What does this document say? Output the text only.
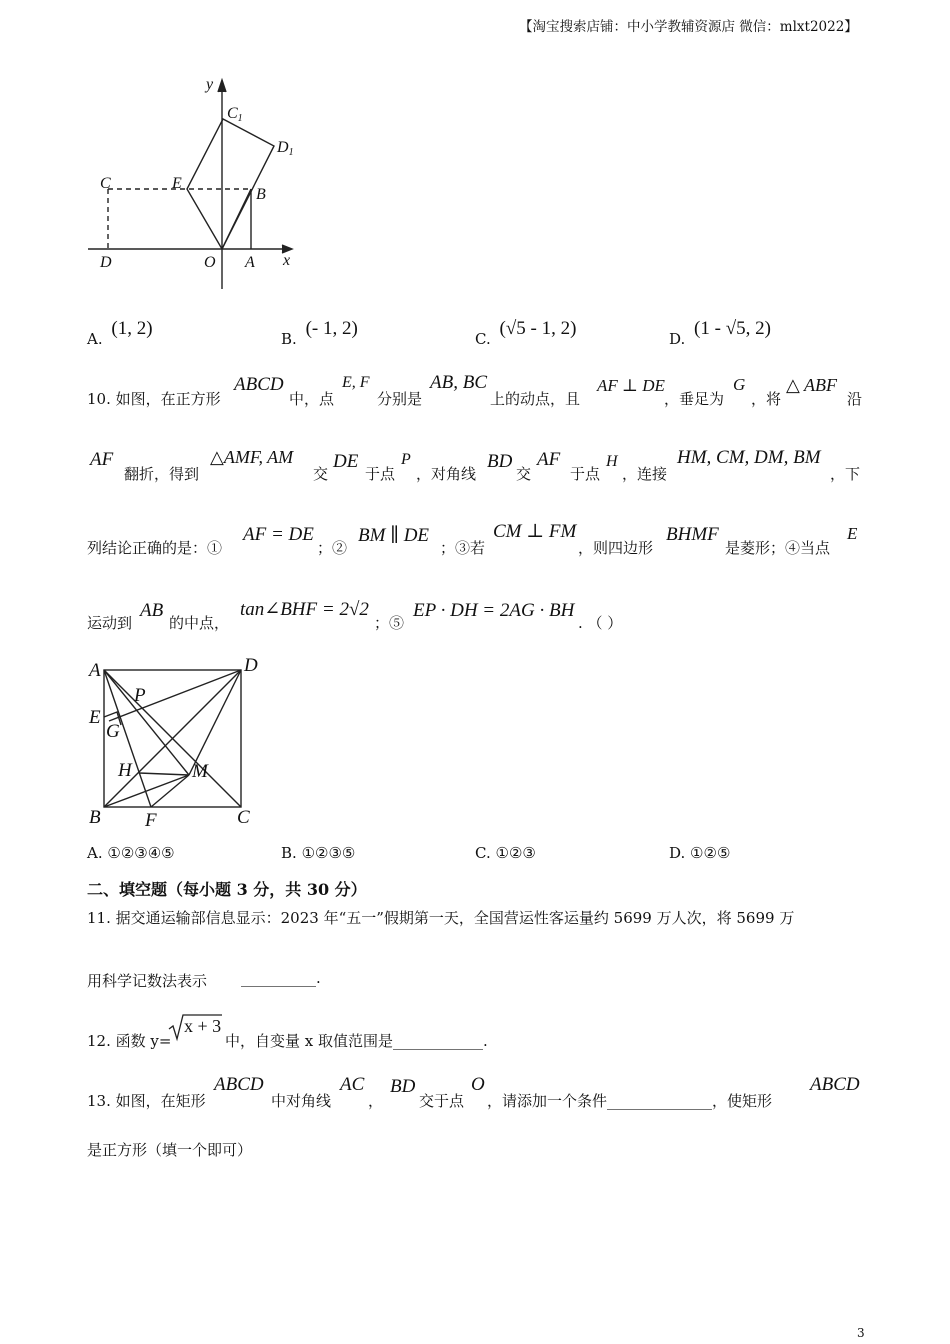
【淘宝搜索店铺：中小学教辅资源店 微信：mlxt2022】
y
x
C1
D1
C	E
B
D	O A
A. (1, 2)	B. (- 1, 2)	C. (√5 - 1, 2)	D. (1 - √5, 2)
10. 如图，在正方形
ABCD
中，点
E, F
分别是
AB, BC
上的动点，且
AF ⊥ DE
，垂足为
G
，将
△ ABF
沿
AF
翻折，得到
△AMF, AM
交
DE
于点
P
，对角线
BD
交
AF
于点
H
，连接
HM, CM, DM, BM
，下
列结论正确的是：①
AF = DE
；②
BM ∥ DE
；③若
CM ⊥ FM
，则四边形
BHMF
是菱形；④当点
E
运动到
AB
的中点，
tan∠BHF = 2√2
；⑤
EP · DH = 2AG · BH
. （ ）
A	D
P
E
G
H	M
B F	C
A. ①②③④⑤	B. ①②③⑤	C. ①②③	D. ①②⑤
二、填空题（每小题 3 分，共 30 分）
11. 据交通运输部信息显示：2023 年“五一”假期第一天，全国营运性客运量约 5699 万人次，将 5699 万
用科学记数法表示 __________.
12. 函数 y=
x + 3
中，自变量 x 取值范围是____________.
13. 如图，在矩形
ABCD
中对角线
AC
，
BD
交于点
O
，请添加一个条件______________，使矩形
ABCD
是正方形（填一个即可）
3
